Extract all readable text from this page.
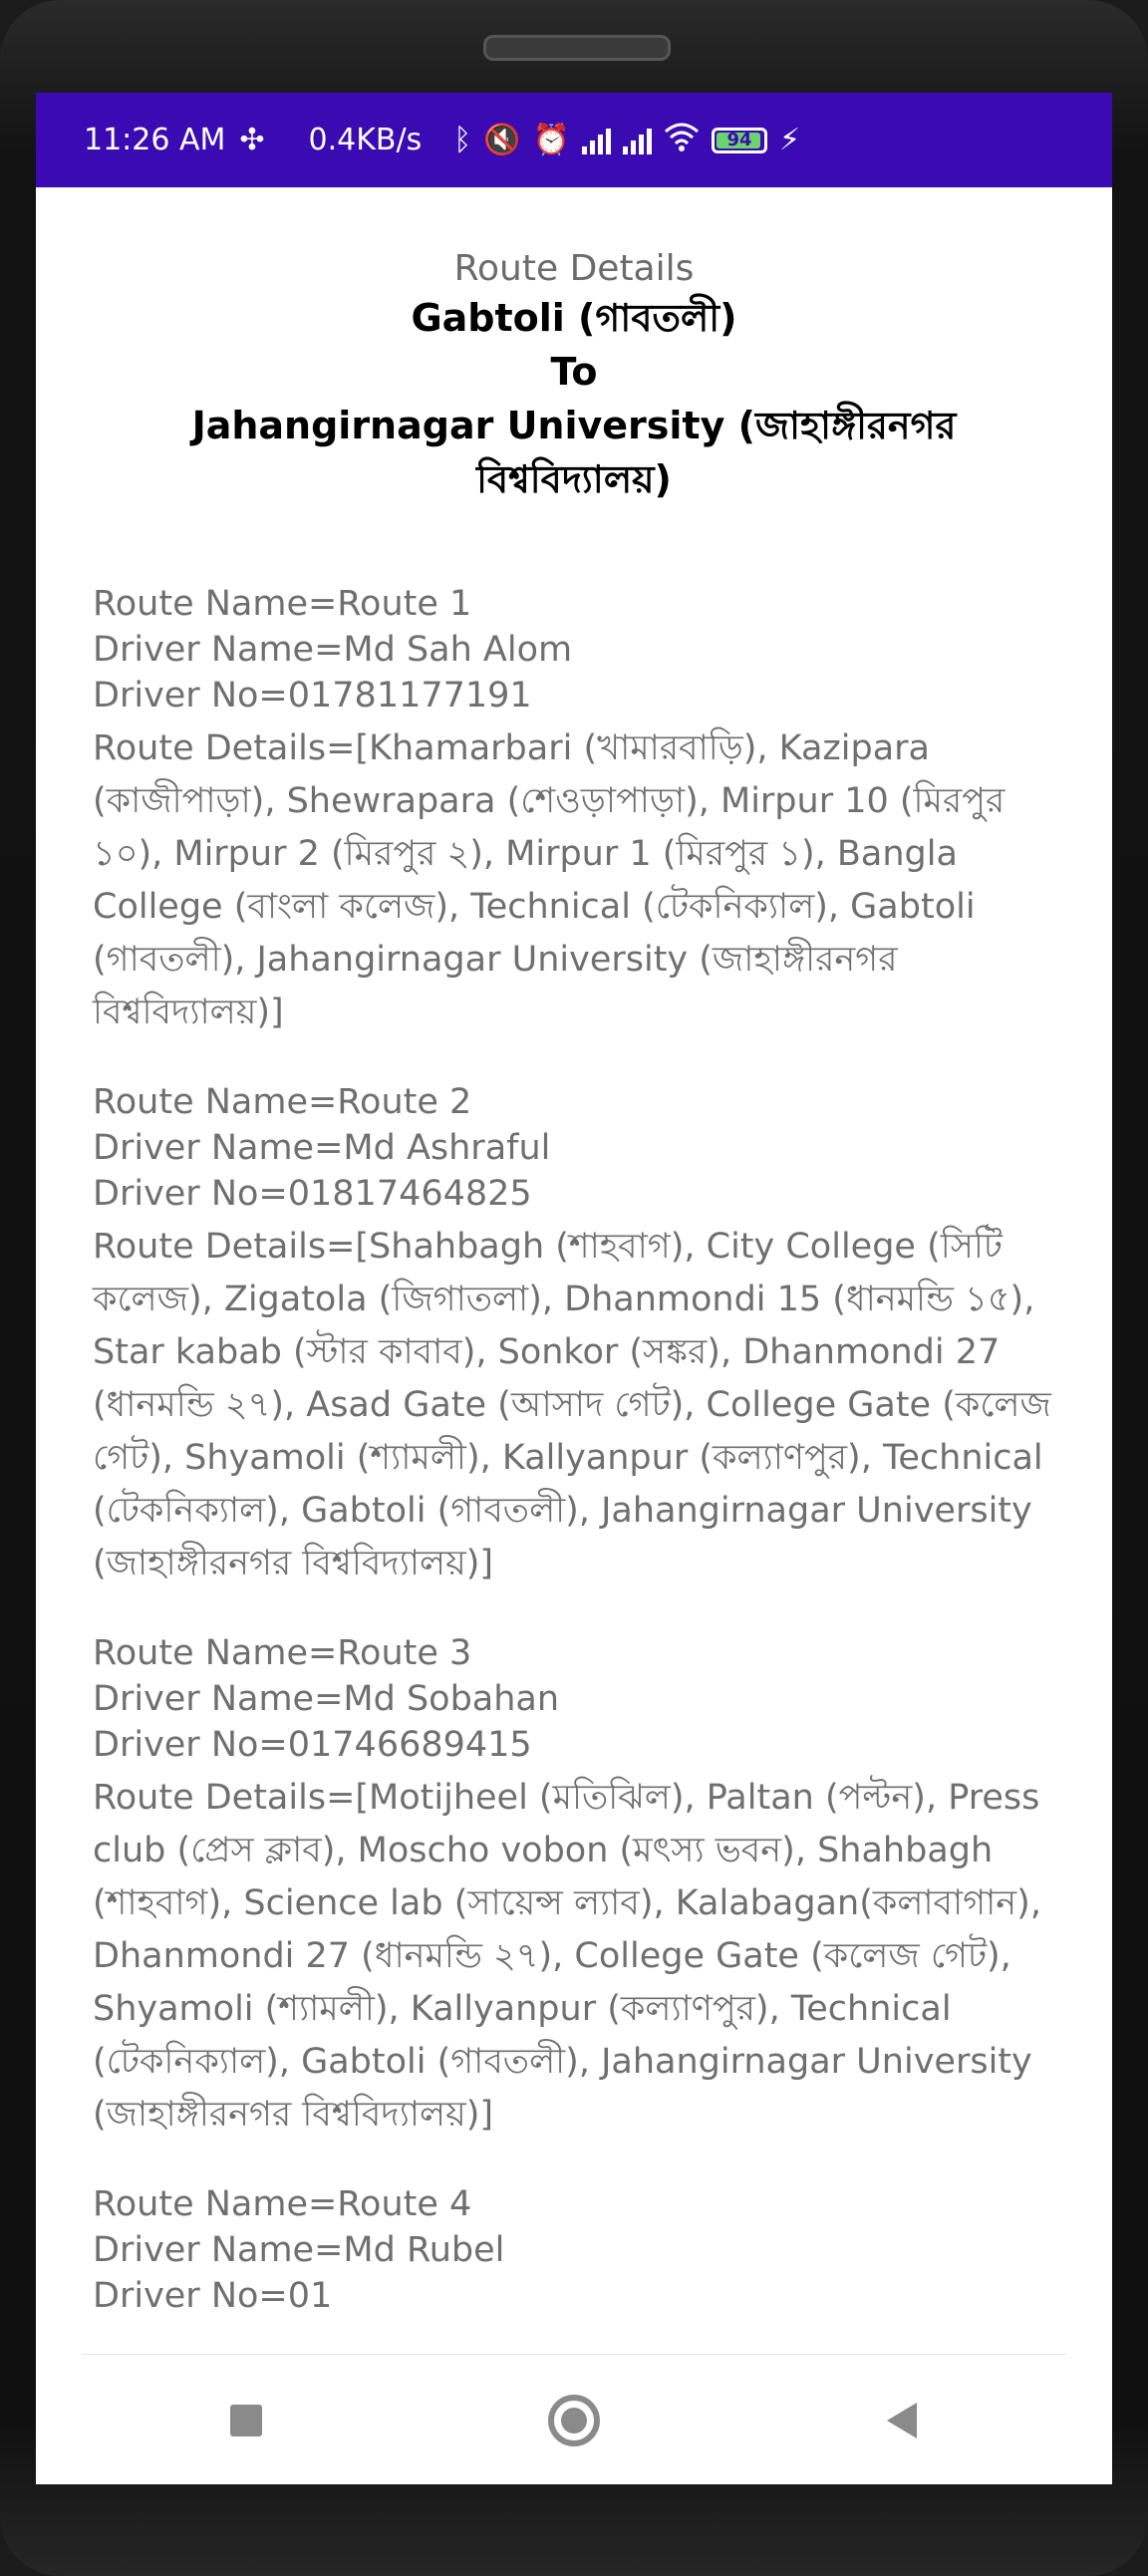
11:26 AM ✣ 0.4KB/s ᛒ 🔇 ⏰	94 ⚡
Route Details
Gabtoli (গাবতলী)
To
Jahangirnagar University (জাহাঙ্গীরনগর বিশ্ববিদ্যালয়)
Route Name=Route 1
Driver Name=Md Sah Alom
Driver No=01781177191
Route Details=[Khamarbari (খামারবাড়ি), Kazipara (কাজীপাড়া), Shewrapara (শেওড়াপাড়া), Mirpur 10 (মিরপুর ১০), Mirpur 2 (মিরপুর ২), Mirpur 1 (মিরপুর ১), Bangla College (বাংলা কলেজ), Technical (টেকনিক্যাল), Gabtoli (গাবতলী), Jahangirnagar University (জাহাঙ্গীরনগর বিশ্ববিদ্যালয়)]
Route Name=Route 2
Driver Name=Md Ashraful
Driver No=01817464825
Route Details=[Shahbagh (শাহবাগ), City College (সিটি কলেজ), Zigatola (জিগাতলা), Dhanmondi 15 (ধানমন্ডি ১৫), Star kabab (স্টার কাবাব), Sonkor (সঙ্কর), Dhanmondi 27 (ধানমন্ডি ২৭), Asad Gate (আসাদ গেট), College Gate (কলেজ গেট), Shyamoli (শ্যামলী), Kallyanpur (কল্যাণপুর), Technical (টেকনিক্যাল), Gabtoli (গাবতলী), Jahangirnagar University (জাহাঙ্গীরনগর বিশ্ববিদ্যালয়)]
Route Name=Route 3
Driver Name=Md Sobahan
Driver No=01746689415
Route Details=[Motijheel (মতিঝিল), Paltan (পল্টন), Press club (প্রেস ক্লাব), Moscho vobon (মৎস্য ভবন), Shahbagh (শাহবাগ), Science lab (সায়েন্স ল্যাব), Kalabagan(কলাবাগান), Dhanmondi 27 (ধানমন্ডি ২৭), College Gate (কলেজ গেট), Shyamoli (শ্যামলী), Kallyanpur (কল্যাণপুর), Technical (টেকনিক্যাল), Gabtoli (গাবতলী), Jahangirnagar University (জাহাঙ্গীরনগর বিশ্ববিদ্যালয়)]
Route Name=Route 4
Driver Name=Md Rubel
Driver No=01
